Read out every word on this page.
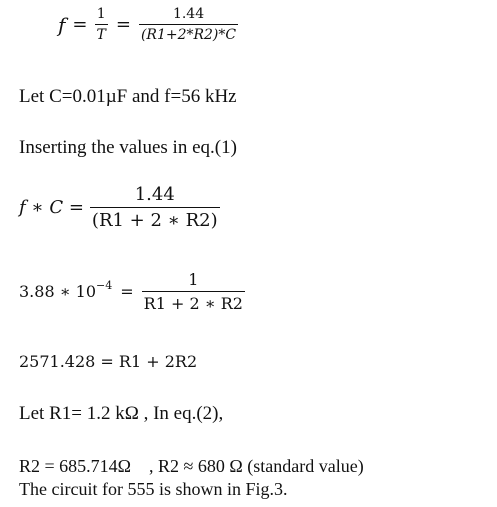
$f = \frac{1}{T} = \frac{1.44}{(R1+2*R2)*C}$
Let C=0.01µF and f=56 kHz
Inserting the values in eq.(1)
f ∗ $C = \frac{1.44}{(R1 + 2 ∗ R2)}$
3.88 ∗ $10^{-4} = \frac{1}{R1 + 2 ∗ R2}$
2571.428 = R1 + 2R2
Let R1= 1.2 kΩ , In eq.(2),
R2 = 685.714Ω    , R2 ≈ 680 Ω (standard value)
The circuit for 555 is shown in Fig.3.
